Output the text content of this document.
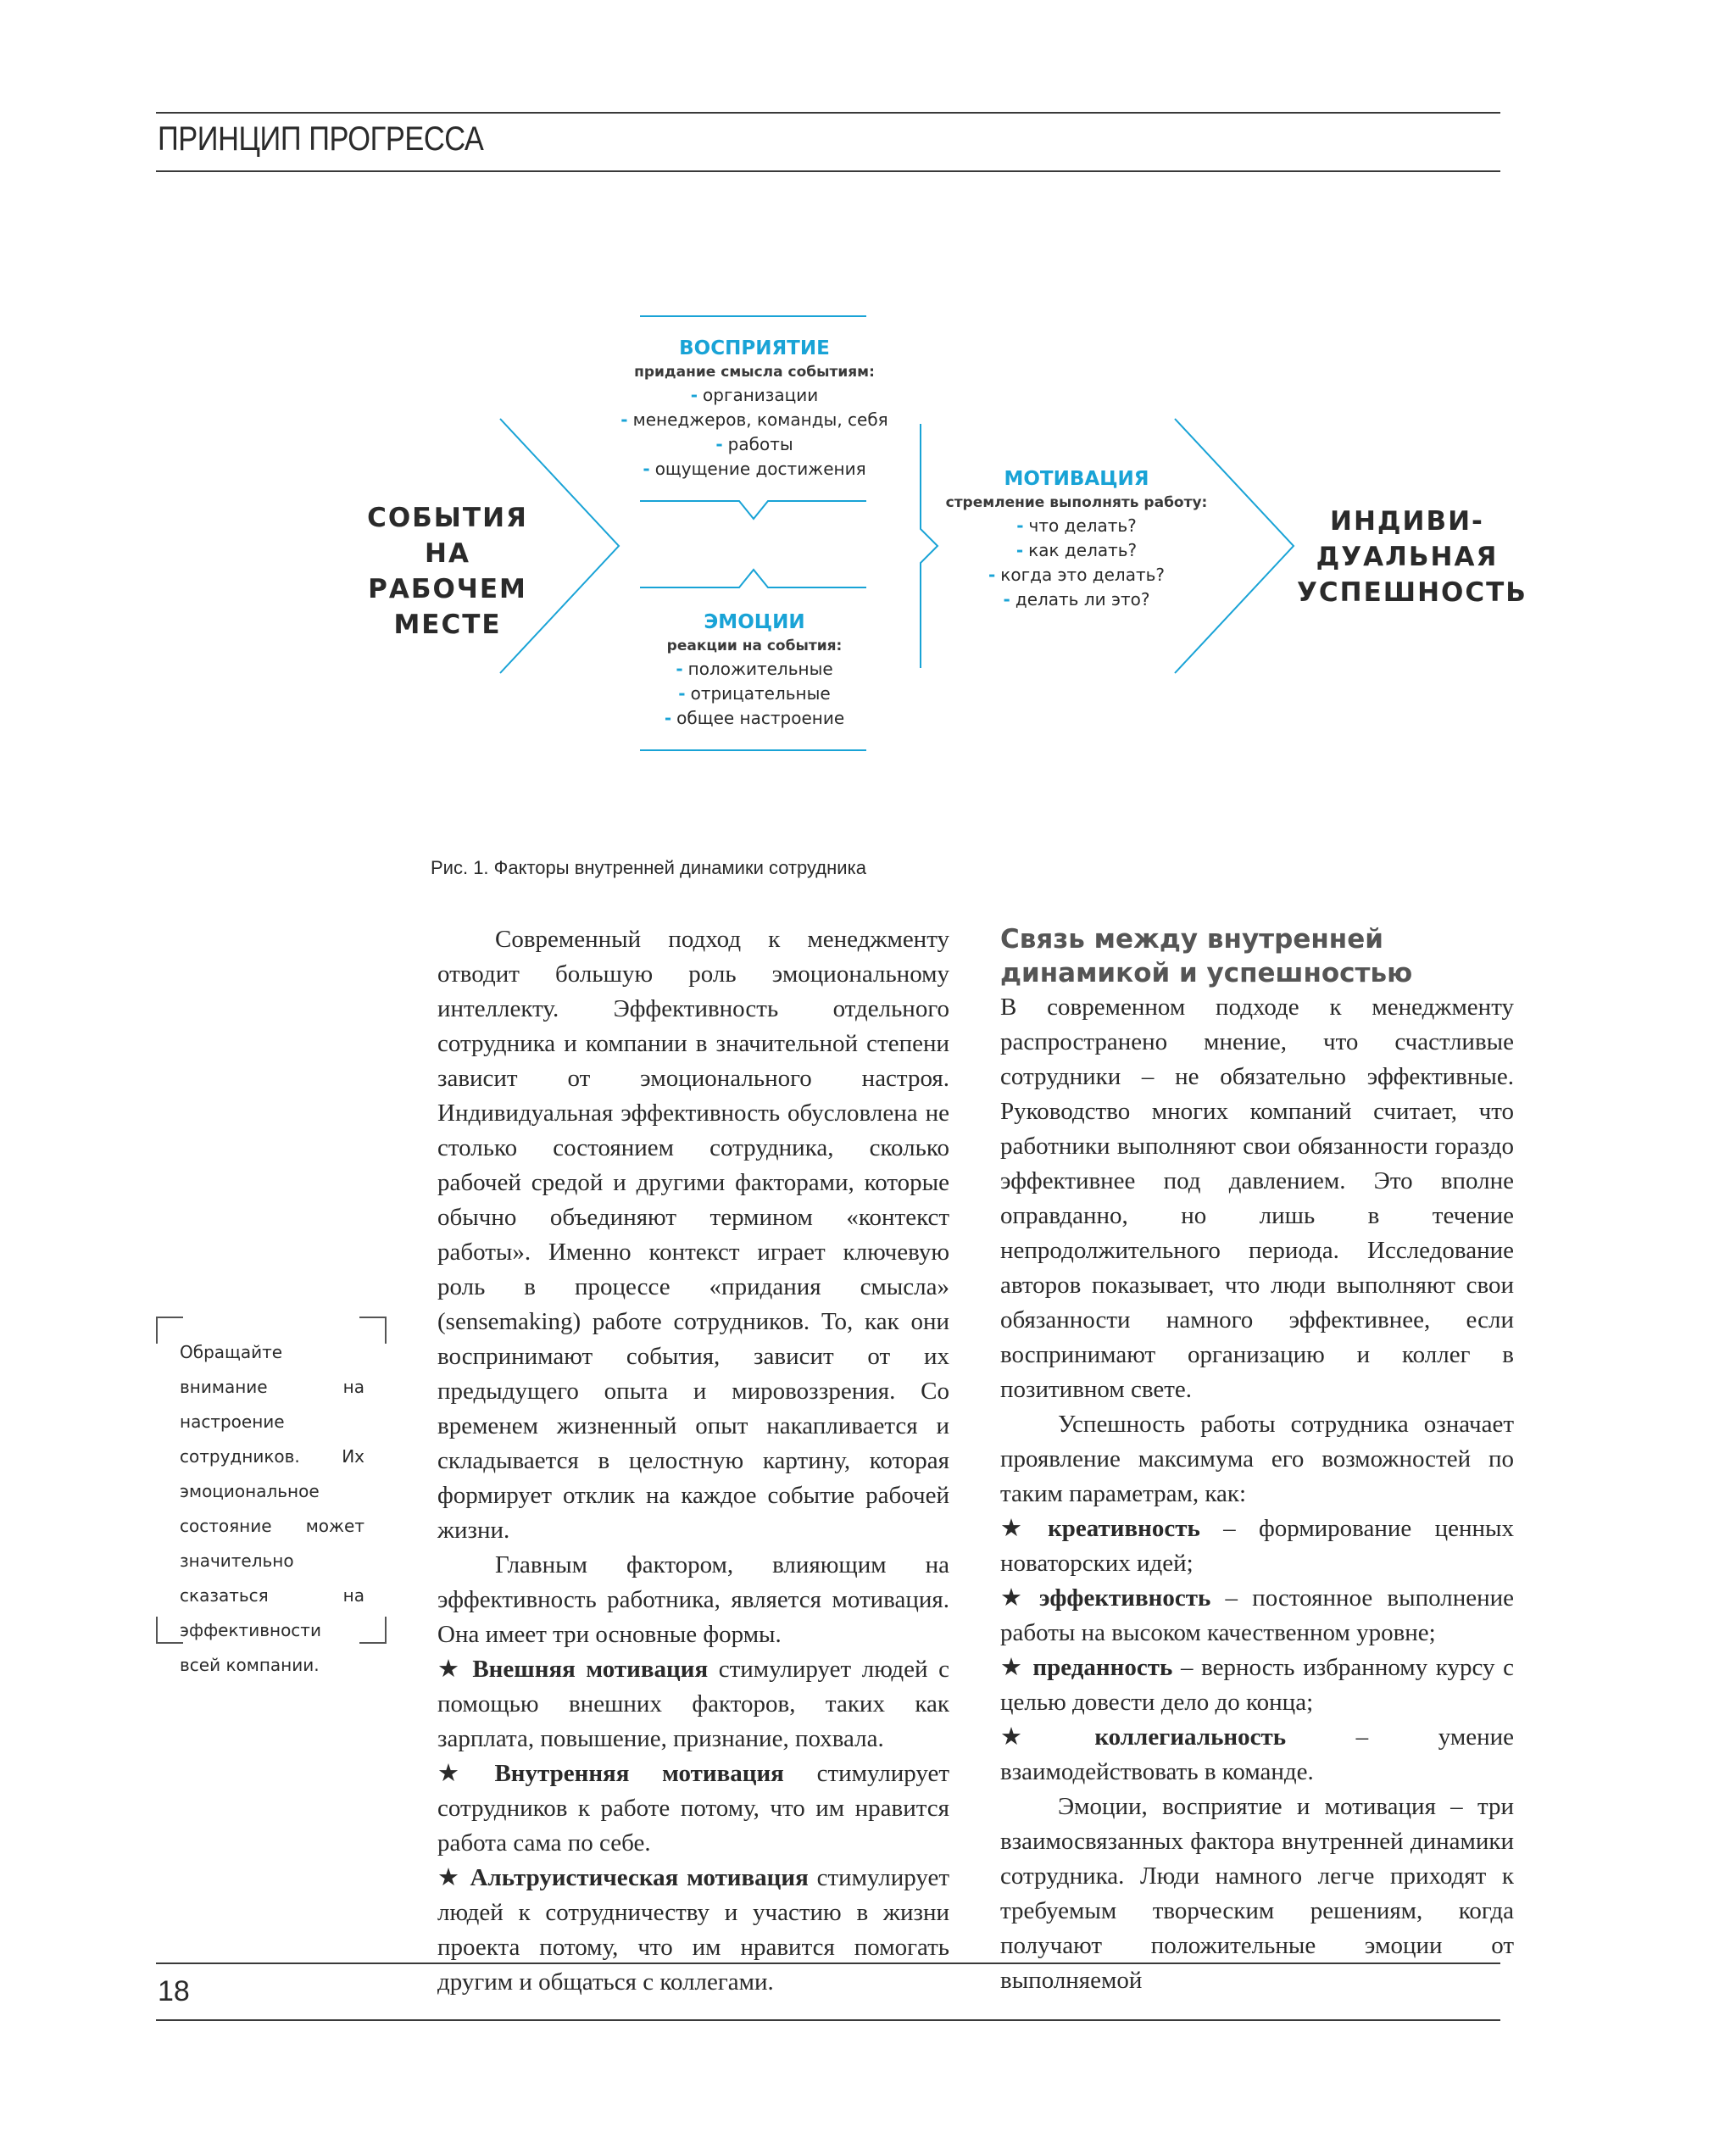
ПРИНЦИП ПРОГРЕССА
СОБЫТИЯ
НА РАБОЧЕМ
МЕСТЕ
ВОСПРИЯТИЕ
придание смысла событиям:
- организации
- менеджеров, команды, себя
- работы
- ощущение достижения
ЭМОЦИИ
реакции на события:
- положительные
- отрицательные
- общее настроение
МОТИВАЦИЯ
стремление выполнять работу:
- что делать?
- как делать?
- когда это делать?
- делать ли это?
ИНДИВИ-
ДУАЛЬНАЯ
УСПЕШНОСТЬ
Рис. 1. Факторы внутренней динамики сотрудника

Современный подход к менеджменту отводит большую роль эмоциональному интеллекту. Эффективность отдельного сотрудника и компании в значительной степени зависит от эмоционального настроя. Индивидуальная эффективность обусловлена не столько состоянием сотрудника, сколько рабочей средой и другими факторами, которые обычно объединяют термином «контекст работы». Именно контекст играет ключевую роль в процессе «придания смысла» (sensemaking) работе сотрудников. То, как они воспринимают события, зависит от их предыдущего опыта и мировоззрения. Со временем жизненный опыт накапливается и складывается в целостную картину, которая формирует отклик на каждое событие рабочей жизни.

Главным фактором, влияющим на эффективность работника, является мотивация. Она имеет три основные формы.

★ Внешняя мотивация стимулирует людей с помощью внешних факторов, таких как зарплата, повышение, признание, похвала.

★ Внутренняя мотивация стимулирует сотрудников к работе потому, что им нравится работа сама по себе.

★ Альтруистическая мотивация стимулирует людей к сотрудничеству и участию в жизни проекта потому, что им нравится помогать другим и общаться с коллегами.

Связь между внутренней
динамикой и успешностью

В современном подходе к менеджменту распространено мнение, что счастливые сотрудники – не обязательно эффективные. Руководство многих компаний считает, что работники выполняют свои обязанности гораздо эффективнее под давлением. Это вполне оправданно, но лишь в течение непродолжительного периода. Исследование авторов показывает, что люди выполняют свои обязанности намного эффективнее, если воспринимают организацию и коллег в позитивном свете.

Успешность работы сотрудника означает проявление максимума его возможностей по таким параметрам, как:

★ креативность – формирование ценных новаторских идей;

★ эффективность – постоянное выполнение работы на высоком качественном уровне;

★ преданность – верность избранному курсу с целью довести дело до конца;

★ коллегиальность – умение взаимодействовать в команде.

Эмоции, восприятие и мотивация – три взаимосвязанных фактора внутренней динамики сотрудника. Люди намного легче приходят к требуемым творческим решениям, когда получают положительные эмоции от выполняемой

Обращайте внимание на настроение сотрудников. Их эмоциональное состояние может значительно сказаться на эффективности всей компании.
18
